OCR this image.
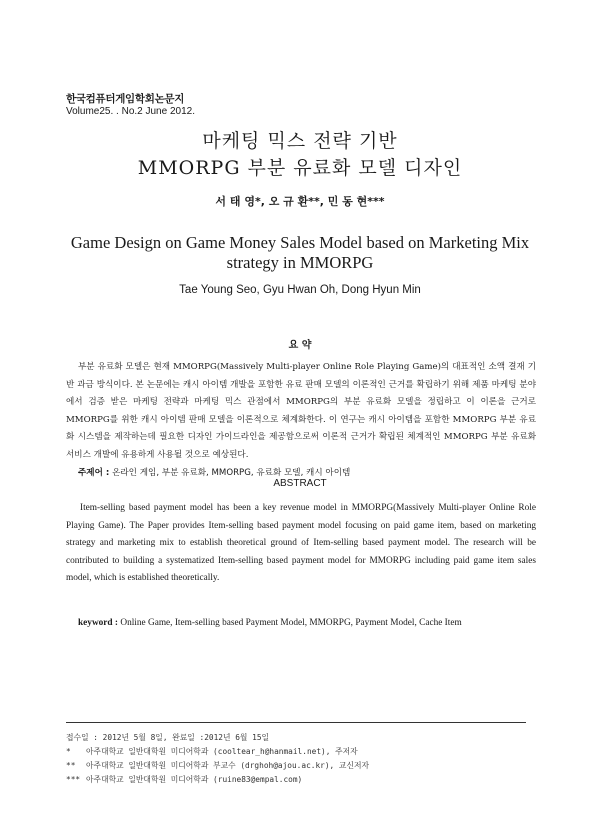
한국컴퓨터게임학회논문지
Volume25. . No.2 June 2012.
마케팅 믹스 전략 기반
MMORPG 부분 유료화 모델 디자인
서 태 영*, 오 규 환**, 민 동 현***
Game Design on Game Money Sales Model based on Marketing Mix
strategy in MMORPG
Tae Young Seo, Gyu Hwan Oh, Dong Hyun Min
요 약

부분 유료화 모델은 현재 MMORPG(Massively Multi-player Online Role Playing Game)의 대표적인 소액 결재 기반 과금 방식이다. 본 논문에는 캐시 아이템 개발을 포함한 유료 판매 모델의 이론적인 근거를 확립하기 위해 제품 마케팅 분야에서 검증 받은 마케팅 전략과 마케팅 믹스 관점에서 MMORPG의 부분 유료화 모델을 정립하고 이 이론을 근거로 MMORPG를 위한 캐시 아이템 판매 모델을 이론적으로 체계화한다. 이 연구는 캐시 아이템을 포함한 MMORPG 부분 유료화 시스템을 제작하는데 필요한 디자인 가이드라인을 제공함으로써 이론적 근거가 확립된 체계적인 MMORPG 부분 유료화 서비스 개발에 유용하게 사용될 것으로 예상된다.

주제어 : 온라인 게임, 부분 유료화, MMORPG, 유료화 모델, 캐시 아이템
ABSTRACT

Item-selling based payment model has been a key revenue model in MMORPG(Massively Multi-player Online Role Playing Game). The Paper provides Item-selling based payment model focusing on paid game item, based on marketing strategy and marketing mix to establish theoretical ground of Item-selling based payment model. The research will be contributed to building a systematized Item-selling based payment model for MMORPG including paid game item sales model, which is established theoretically.

keyword : Online Game, Item-selling based Payment Model, MMORPG, Payment Model, Cache Item
접수일 : 2012년 5월 8일, 완료일 :2012년 6월 15일
* 아주대학교 일반대학원 미디어학과 (cooltear_h@hanmail.net), 주저자
** 아주대학교 일반대학원 미디어학과 부교수 (drghoh@ajou.ac.kr), 교신저자
*** 아주대학교 일반대학원 미디어학과 (ruine83@empal.com)
